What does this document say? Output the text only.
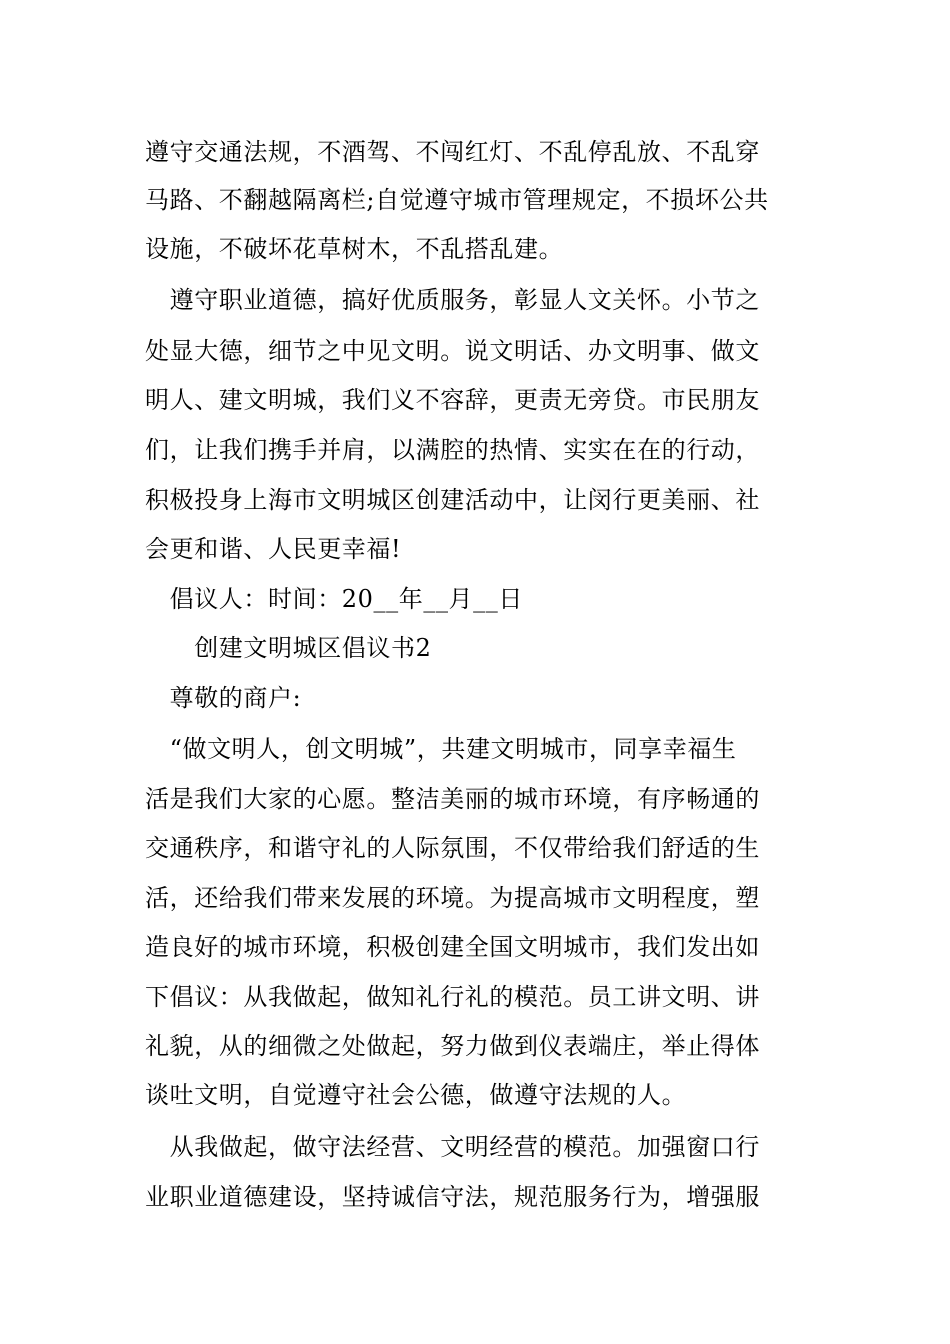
遵守交通法规，不酒驾、不闯红灯、不乱停乱放、不乱穿
马路、不翻越隔离栏;自觉遵守城市管理规定，不损坏公共
设施，不破坏花草树木，不乱搭乱建。
　遵守职业道德，搞好优质服务，彰显人文关怀。小节之
处显大德，细节之中见文明。说文明话、办文明事、做文
明人、建文明城，我们义不容辞，更责无旁贷。市民朋友
们，让我们携手并肩，以满腔的热情、实实在在的行动，
积极投身上海市文明城区创建活动中，让闵行更美丽、社
会更和谐、人民更幸福!
　倡议人：时间：20__年__月__日
　　创建文明城区倡议书2
　尊敬的商户:
　“做文明人，创文明城”，共建文明城市，同享幸福生
活是我们大家的心愿。整洁美丽的城市环境，有序畅通的
交通秩序，和谐守礼的人际氛围，不仅带给我们舒适的生
活，还给我们带来发展的环境。为提高城市文明程度，塑
造良好的城市环境，积极创建全国文明城市，我们发出如
下倡议：从我做起，做知礼行礼的模范。员工讲文明、讲
礼貌，从的细微之处做起，努力做到仪表端庄，举止得体
谈吐文明，自觉遵守社会公德，做遵守法规的人。
　从我做起，做守法经营、文明经营的模范。加强窗口行
业职业道德建设，坚持诚信守法，规范服务行为，增强服
